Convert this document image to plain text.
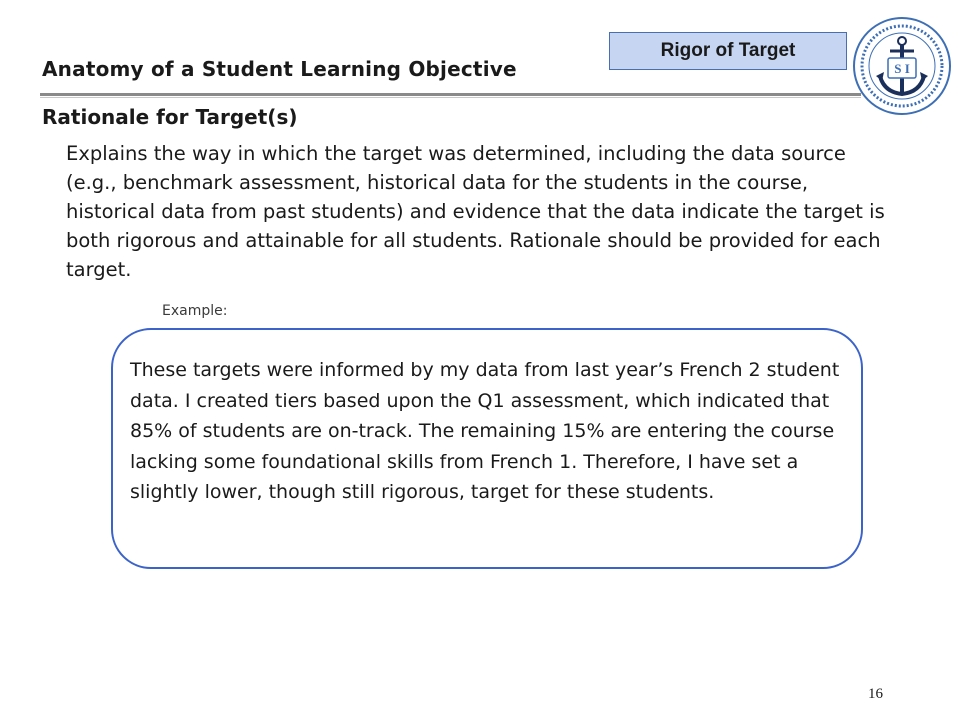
Anatomy of a Student Learning Objective
Rigor of Target
S I
Rationale for Target(s)
Explains the way in which the target was determined, including the data source (e.g., benchmark assessment, historical data for the students in the course, historical data from past students) and evidence that the data indicate the target is both rigorous and attainable for all students. Rationale should be provided for each target.
Example:
These targets were informed by my data from last year’s French 2 student data. I created tiers based upon the Q1 assessment, which indicated that 85% of students are on-track. The remaining 15% are entering the course lacking some foundational skills from French 1. Therefore, I have set a slightly lower, though still rigorous, target for these students.
16
